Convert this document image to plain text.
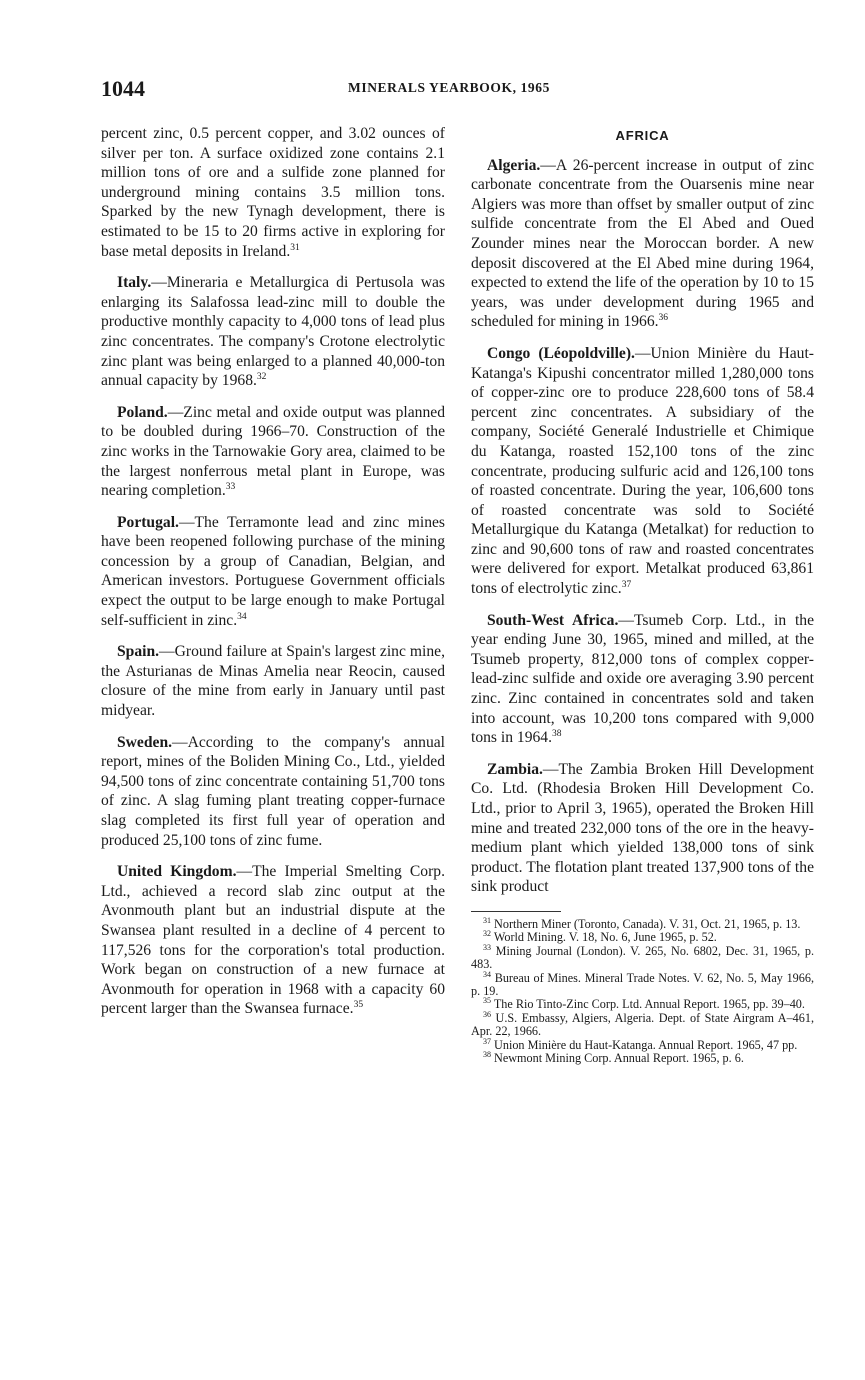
1044	MINERALS YEARBOOK, 1965

percent zinc, 0.5 percent copper, and 3.02 ounces of silver per ton. A surface oxidized zone contains 2.1 million tons of ore and a sulfide zone planned for underground mining contains 3.5 million tons. Sparked by the new Tynagh development, there is estimated to be 15 to 20 firms active in exploring for base metal deposits in Ireland.$^{31}$

Italy.—Mineraria e Metallurgica di Pertusola was enlarging its Salafossa lead-zinc mill to double the productive monthly capacity to 4,000 tons of lead plus zinc concentrates. The company's Crotone electrolytic zinc plant was being enlarged to a planned 40,000-ton annual capacity by 1968.32

Poland.—Zinc metal and oxide output was planned to be doubled during 1966–70. Construction of the zinc works in the Tarnowakie Gory area, claimed to be the largest nonferrous metal plant in Europe, was nearing completion.$^{33}$

Portugal.—The Terramonte lead and zinc mines have been reopened following purchase of the mining concession by a group of Canadian, Belgian, and American investors. Portuguese Government officials expect the output to be large enough to make Portugal self-sufficient in zinc.$^{34}$

Spain.—Ground failure at Spain's largest zinc mine, the Asturianas de Minas Amelia near Reocin, caused closure of the mine from early in January until past midyear.

Sweden.—According to the company's annual report, mines of the Boliden Mining Co., Ltd., yielded 94,500 tons of zinc concentrate containing 51,700 tons of zinc. A slag fuming plant treating copper-furnace slag completed its first full year of operation and produced 25,100 tons of zinc fume.

United Kingdom.—The Imperial Smelting Corp. Ltd., achieved a record slab zinc output at the Avonmouth plant but an industrial dispute at the Swansea plant resulted in a decline of 4 percent to 117,526 tons for the corporation's total production. Work began on construction of a new furnace at Avonmouth for operation in 1968 with a capacity 60 percent larger than the Swansea furnace.$^{35}$

AFRICA

Algeria.—A 26-percent increase in output of zinc carbonate concentrate from the Ouarsenis mine near Algiers was more than offset by smaller output of zinc sulfide concentrate from the El Abed and Oued Zounder mines near the Moroccan border. A new deposit discovered at the El Abed mine during 1964, expected to extend the life of the operation by 10 to 15 years, was under development during 1965 and scheduled for mining in 1966.36

Congo (Léopoldville).—Union Minière du Haut-Katanga's Kipushi concentrator milled 1,280,000 tons of copper-zinc ore to produce 228,600 tons of 58.4 percent zinc concentrates. A subsidiary of the company, Société Generalé Industrielle et Chimique du Katanga, roasted 152,100 tons of the zinc concentrate, producing sulfuric acid and 126,100 tons of roasted concentrate. During the year, 106,600 tons of roasted concentrate was sold to Société Metallurgique du Katanga (Metalkat) for reduction to zinc and 90,600 tons of raw and roasted concentrates were delivered for export. Metalkat produced 63,861 tons of electrolytic zinc.$^{37}$

South-West Africa.—Tsumeb Corp. Ltd., in the year ending June 30, 1965, mined and milled, at the Tsumeb property, 812,000 tons of complex copper-lead-zinc sulfide and oxide ore averaging 3.90 percent zinc. Zinc contained in concentrates sold and taken into account, was 10,200 tons compared with 9,000 tons in 1964.38

Zambia.—The Zambia Broken Hill Development Co. Ltd. (Rhodesia Broken Hill Development Co. Ltd., prior to April 3, 1965), operated the Broken Hill mine and treated 232,000 tons of the ore in the heavy-medium plant which yielded 138,000 tons of sink product. The flotation plant treated 137,900 tons of the sink product

$^{31}$ Northern Miner (Toronto, Canada). V. 31, Oct. 21, 1965, p. 13.
$^{32}$ World Mining. V. 18, No. 6, June 1965, p. 52.
$^{33}$ Mining Journal (London). V. 265, No. 6802, Dec. 31, 1965, p. 483.
$^{34}$ Bureau of Mines. Mineral Trade Notes. V. 62, No. 5, May 1966, p. 19.
$^{35}$ The Rio Tinto-Zinc Corp. Ltd. Annual Report. 1965, pp. 39–40.
$^{36}$ U.S. Embassy, Algiers, Algeria. Dept. of State Airgram A–461, Apr. 22, 1966.
$^{37}$ Union Minière du Haut-Katanga. Annual Report. 1965, 47 pp.
$^{38}$ Newmont Mining Corp. Annual Report. 1965, p. 6.
